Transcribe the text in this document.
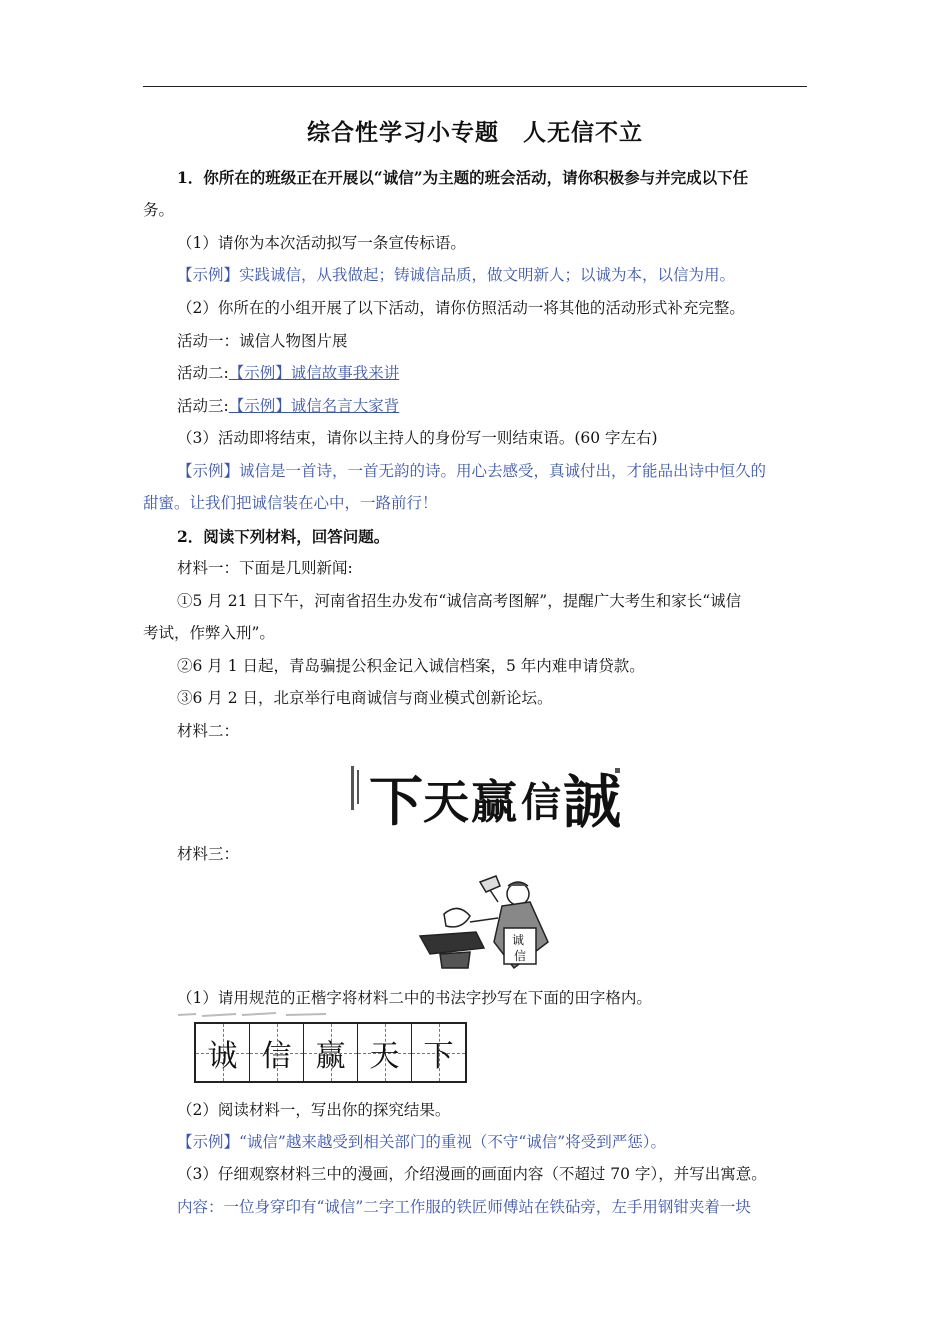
综合性学习小专题　人无信不立
1．你所在的班级正在开展以“诚信”为主题的班会活动，请你积极参与并完成以下任
务。
（1）请你为本次活动拟写一条宣传标语。
【示例】实践诚信，从我做起；铸诚信品质，做文明新人；以诚为本，以信为用。
（2）你所在的小组开展了以下活动，请你仿照活动一将其他的活动形式补充完整。
活动一：诚信人物图片展
活动二:【示例】诚信故事我来讲
活动三:【示例】诚信名言大家背
（3）活动即将结束，请你以主持人的身份写一则结束语。(60 字左右)
【示例】诚信是一首诗，一首无韵的诗。用心去感受，真诚付出，才能品出诗中恒久的
甜蜜。让我们把诚信装在心中，一路前行！
2．阅读下列材料，回答问题。
材料一：下面是几则新闻:
①5 月 21 日下午，河南省招生办发布“诚信高考图解”，提醒广大考生和家长“诚信
考试，作弊入刑”。
②6 月 1 日起，青岛骗提公积金记入诚信档案，5 年内难申请贷款。
③6 月 2 日，北京举行电商诚信与商业模式创新论坛。
材料二：
下 天 赢 信 誠
材料三：
诚
信
（1）请用规范的正楷字将材料二中的书法字抄写在下面的田字格内。
诚 信 赢 天 下
（2）阅读材料一，写出你的探究结果。
【示例】“诚信”越来越受到相关部门的重视（不守“诚信”将受到严惩）。
（3）仔细观察材料三中的漫画，介绍漫画的画面内容（不超过 70 字），并写出寓意。
内容：一位身穿印有“诚信”二字工作服的铁匠师傅站在铁砧旁，左手用钢钳夹着一块
